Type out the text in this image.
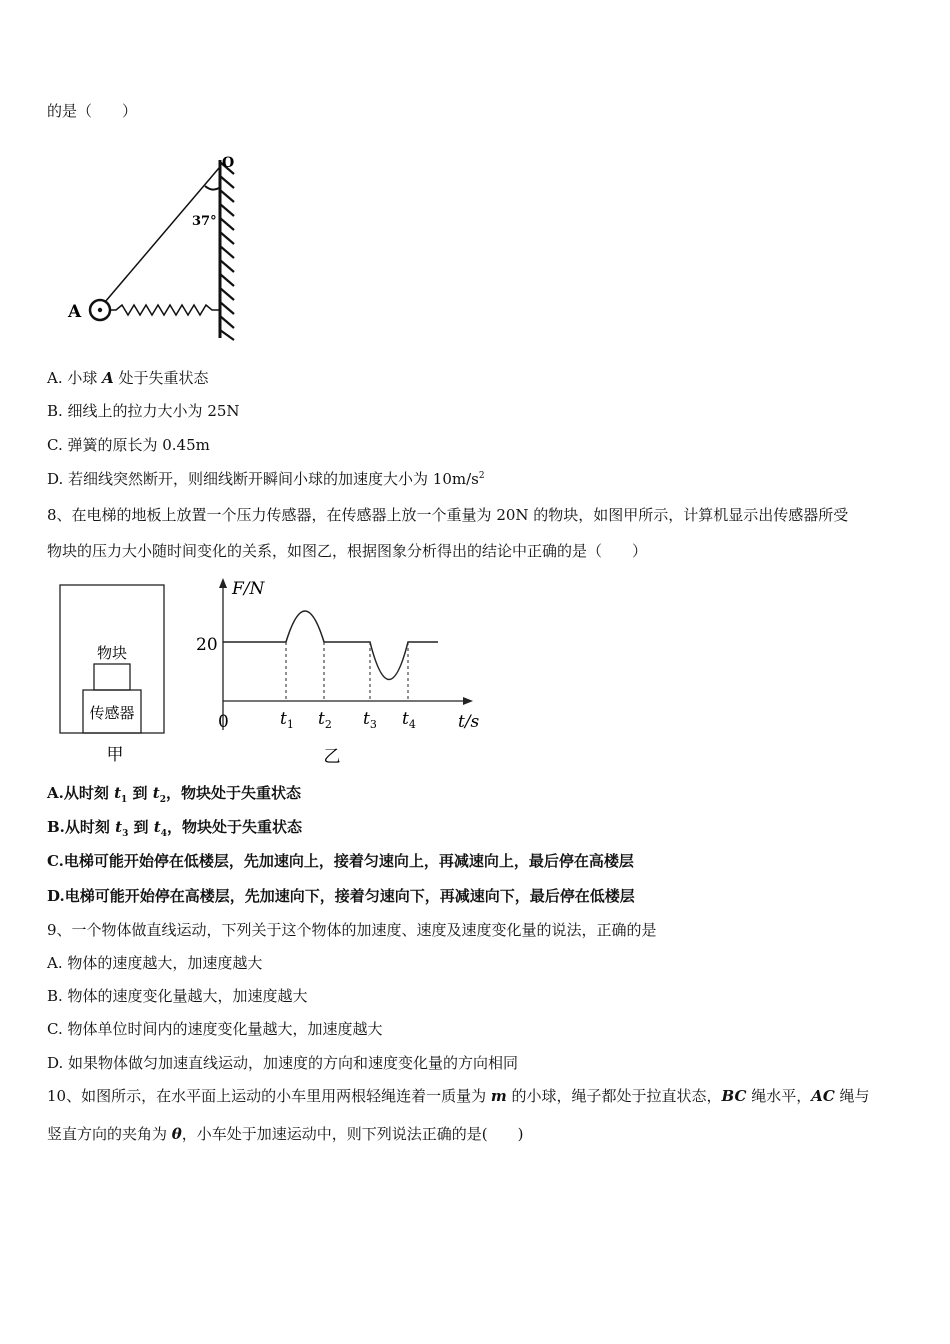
的是（　　）
37°
O
A
A. 小球 A 处于失重状态
B. 细线上的拉力大小为 25N
C. 弹簧的原长为 0.45m
D. 若细线突然断开，则细线断开瞬间小球的加速度大小为 $10m/s^2$
8、在电梯的地板上放置一个压力传感器，在传感器上放一个重量为 20N 的物块，如图甲所示，计算机显示出传感器所受
物块的压力大小随时间变化的关系，如图乙，根据图象分析得出的结论中正确的是（　　）
物块
传感器
甲
F/N
20
0	t/s
$t_1$ $t_2$ $t_3$ $t_4$
乙
A.从时刻 $t_1$ 到 $t_2$，物块处于失重状态
B.从时刻 $t_3$ 到 $t_4$，物块处于失重状态
C.电梯可能开始停在低楼层，先加速向上，接着匀速向上，再减速向上，最后停在高楼层
D.电梯可能开始停在高楼层，先加速向下，接着匀速向下，再减速向下，最后停在低楼层
9、一个物体做直线运动，下列关于这个物体的加速度、速度及速度变化量的说法，正确的是
A. 物体的速度越大，加速度越大
B. 物体的速度变化量越大，加速度越大
C. 物体单位时间内的速度变化量越大，加速度越大
D. 如果物体做匀加速直线运动，加速度的方向和速度变化量的方向相同
10、如图所示，在水平面上运动的小车里用两根轻绳连着一质量为 m 的小球，绳子都处于拉直状态，BC 绳水平，AC 绳与
竖直方向的夹角为 θ，小车处于加速运动中，则下列说法正确的是(　　)
